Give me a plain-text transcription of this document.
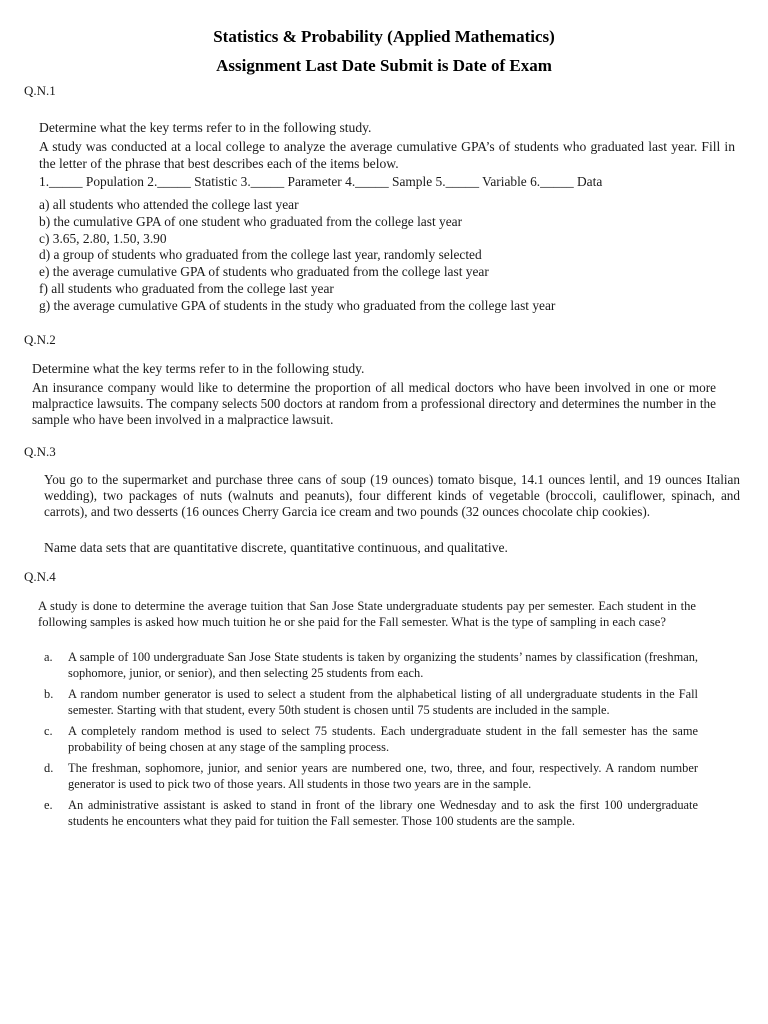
Statistics & Probability (Applied Mathematics)
Assignment Last Date Submit is Date of Exam
Q.N.1
Determine what the key terms refer to in the following study.
A study was conducted at a local college to analyze the average cumulative GPA’s of students who graduated last year. Fill in the letter of the phrase that best describes each of the items below.
1._____ Population 2._____ Statistic 3._____ Parameter 4._____ Sample 5._____ Variable 6._____ Data
a) all students who attended the college last year
b) the cumulative GPA of one student who graduated from the college last year
c) 3.65, 2.80, 1.50, 3.90
d) a group of students who graduated from the college last year, randomly selected
e) the average cumulative GPA of students who graduated from the college last year
f) all students who graduated from the college last year
g) the average cumulative GPA of students in the study who graduated from the college last year
Q.N.2
Determine what the key terms refer to in the following study.
An insurance company would like to determine the proportion of all medical doctors who have been involved in one or more malpractice lawsuits. The company selects 500 doctors at random from a professional directory and determines the number in the sample who have been involved in a malpractice lawsuit.
Q.N.3
You go to the supermarket and purchase three cans of soup (19 ounces) tomato bisque, 14.1 ounces lentil, and 19 ounces Italian wedding), two packages of nuts (walnuts and peanuts), four different kinds of vegetable (broccoli, cauliflower, spinach, and carrots), and two desserts (16 ounces Cherry Garcia ice cream and two pounds (32 ounces chocolate chip cookies).
Name data sets that are quantitative discrete, quantitative continuous, and qualitative.
Q.N.4
A study is done to determine the average tuition that San Jose State undergraduate students pay per semester. Each student in the following samples is asked how much tuition he or she paid for the Fall semester. What is the type of sampling in each case?
a. A sample of 100 undergraduate San Jose State students is taken by organizing the students’ names by classification (freshman, sophomore, junior, or senior), and then selecting 25 students from each.
b. A random number generator is used to select a student from the alphabetical listing of all undergraduate students in the Fall semester. Starting with that student, every 50th student is chosen until 75 students are included in the sample.
c. A completely random method is used to select 75 students. Each undergraduate student in the fall semester has the same probability of being chosen at any stage of the sampling process.
d. The freshman, sophomore, junior, and senior years are numbered one, two, three, and four, respectively. A random number generator is used to pick two of those years. All students in those two years are in the sample.
e. An administrative assistant is asked to stand in front of the library one Wednesday and to ask the first 100 undergraduate students he encounters what they paid for tuition the Fall semester. Those 100 students are the sample.
